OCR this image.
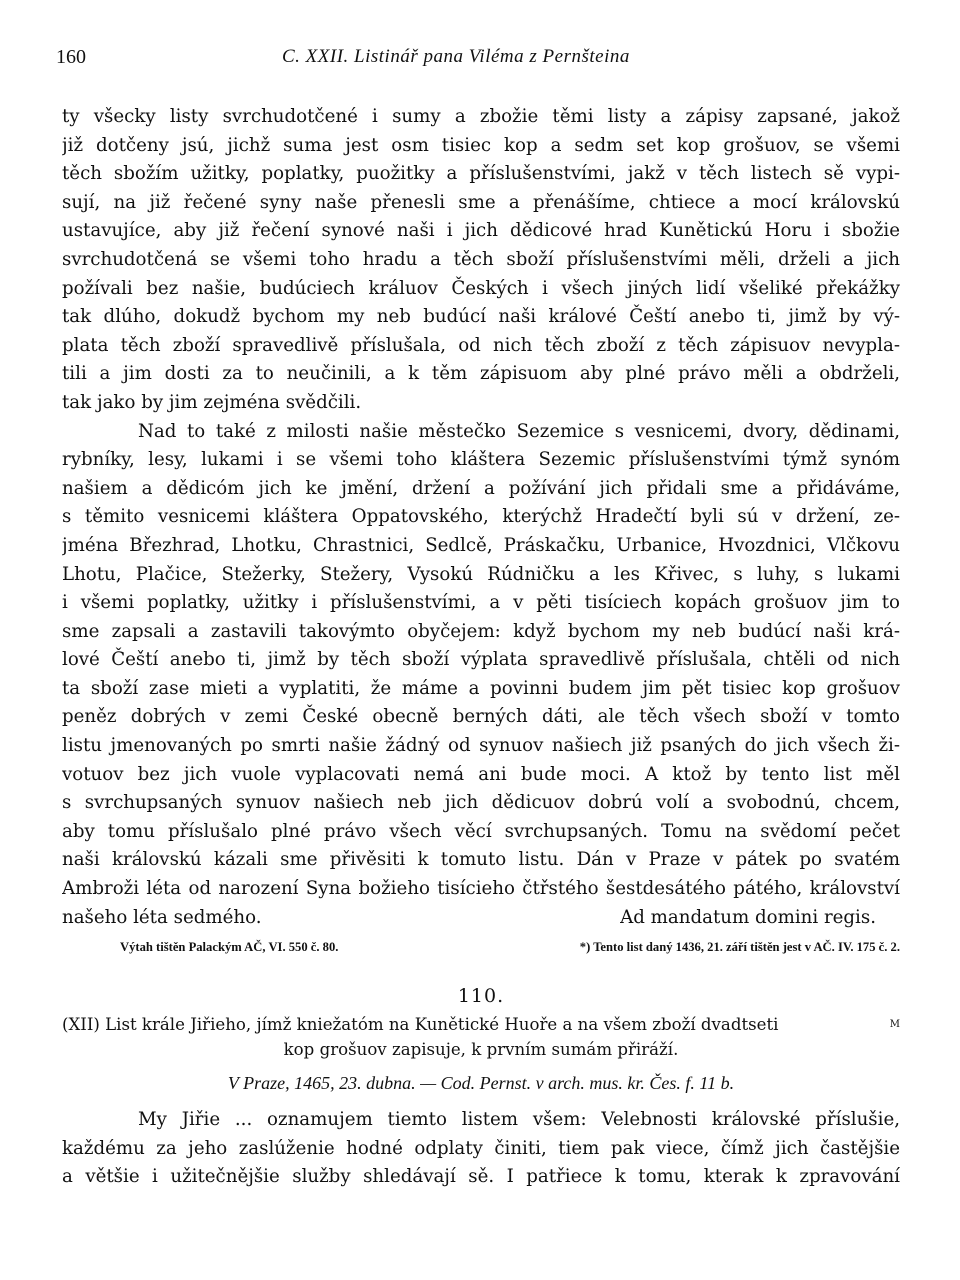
160	C. XXII. Listinář pana Viléma z Pernšteina
ty všecky listy svrchudotčené i sumy a zbožie těmi listy a zápisy zapsané, jakož
již dotčeny jsú, jichž suma jest osm tisiec kop a sedm set kop grošuov, se všemi
těch sbožím užitky, poplatky, puožitky a příslušenstvími, jakž v těch listech sě vypi-
sují, na již řečené syny naše přenesli sme a přenášíme, chtiece a mocí královskú
ustavujíce, aby již řečení synové naši i jich dědicové hrad Kunětickú Horu i sbožie
svrchudotčená se všemi toho hradu a těch sboží příslušenstvími měli, drželi a jich
požívali bez našie, budúciech králuov Českých i všech jiných lidí všeliké překážky
tak dlúho, dokudž bychom my neb budúcí naši králové Čeští anebo ti, jimž by vý-
plata těch zboží spravedlivě příslušala, od nich těch zboží z těch zápisuov nevypla-
tili a jim dosti za to neučinili, a k těm zápisuom aby plné právo měli a obdrželi,
tak jako by jim zejména svědčili.
Nad to také z milosti našie městečko Sezemice s vesnicemi, dvory, dědinami,
rybníky, lesy, lukami i se všemi toho kláštera Sezemic příslušenstvími týmž synóm
našiem a dědicóm jich ke jmění, držení a požívání jich přidali sme a přidáváme,
s těmito vesnicemi kláštera Oppatovského, kterýchž Hradečtí byli sú v držení, ze-
jména Březhrad, Lhotku, Chrastnici, Sedlcě, Práskačku, Urbanice, Hvozdnici, Vlčkovu
Lhotu, Plačice, Stežerky, Stežery, Vysokú Rúdničku a les Křivec, s luhy, s lukami
i všemi poplatky, užitky i příslušenstvími, a v pěti tisíciech kopách grošuov jim to
sme zapsali a zastavili takovýmto obyčejem: když bychom my neb budúcí naši krá-
lové Čeští anebo ti, jimž by těch sboží výplata spravedlivě příslušala, chtěli od nich
ta sboží zase mieti a vyplatiti, že máme a povinni budem jim pět tisiec kop grošuov
peněz dobrých v zemi České obecně berných dáti, ale těch všech sboží v tomto
listu jmenovaných po smrti našie žádný od synuov našiech již psaných do jich všech ži-
votuov bez jich vuole vyplacovati nemá ani bude moci. A ktož by tento list měl
s svrchupsaných synuov našiech neb jich dědicuov dobrú volí a svobodnú, chcem,
aby tomu příslušalo plné právo všech věcí svrchupsaných. Tomu na svědomí pečet
naši královskú kázali sme přivěsiti k tomuto listu. Dán v Praze v pátek po svatém
Ambroži léta od narození Syna božieho tisícieho čtřstého šestdesátého pátého, království
našeho léta sedmého.	Ad mandatum domini regis.
Výtah tištěn Palackým AČ, VI. 550 č. 80.	*) Tento list daný 1436, 21. září tištěn jest v AČ. IV. 175 č. 2.
110.
(XII) List krále Jiřieho, jímž kniežatóm na Kunětické Huoře a na všem zboží dvadtseti	M
kop grošuov zapisuje, k prvním sumám přiráží.
V Praze, 1465, 23. dubna. — Cod. Pernst. v arch. mus. kr. Čes. f. 11 b.
My Jiřie ... oznamujem tiemto listem všem: Velebnosti královské příslušie,
každému za jeho zaslúženie hodné odplaty činiti, tiem pak viece, čímž jich častějšie
a většie i užitečnějšie služby shledávají sě. I patřiece k tomu, kterak k zpravování
